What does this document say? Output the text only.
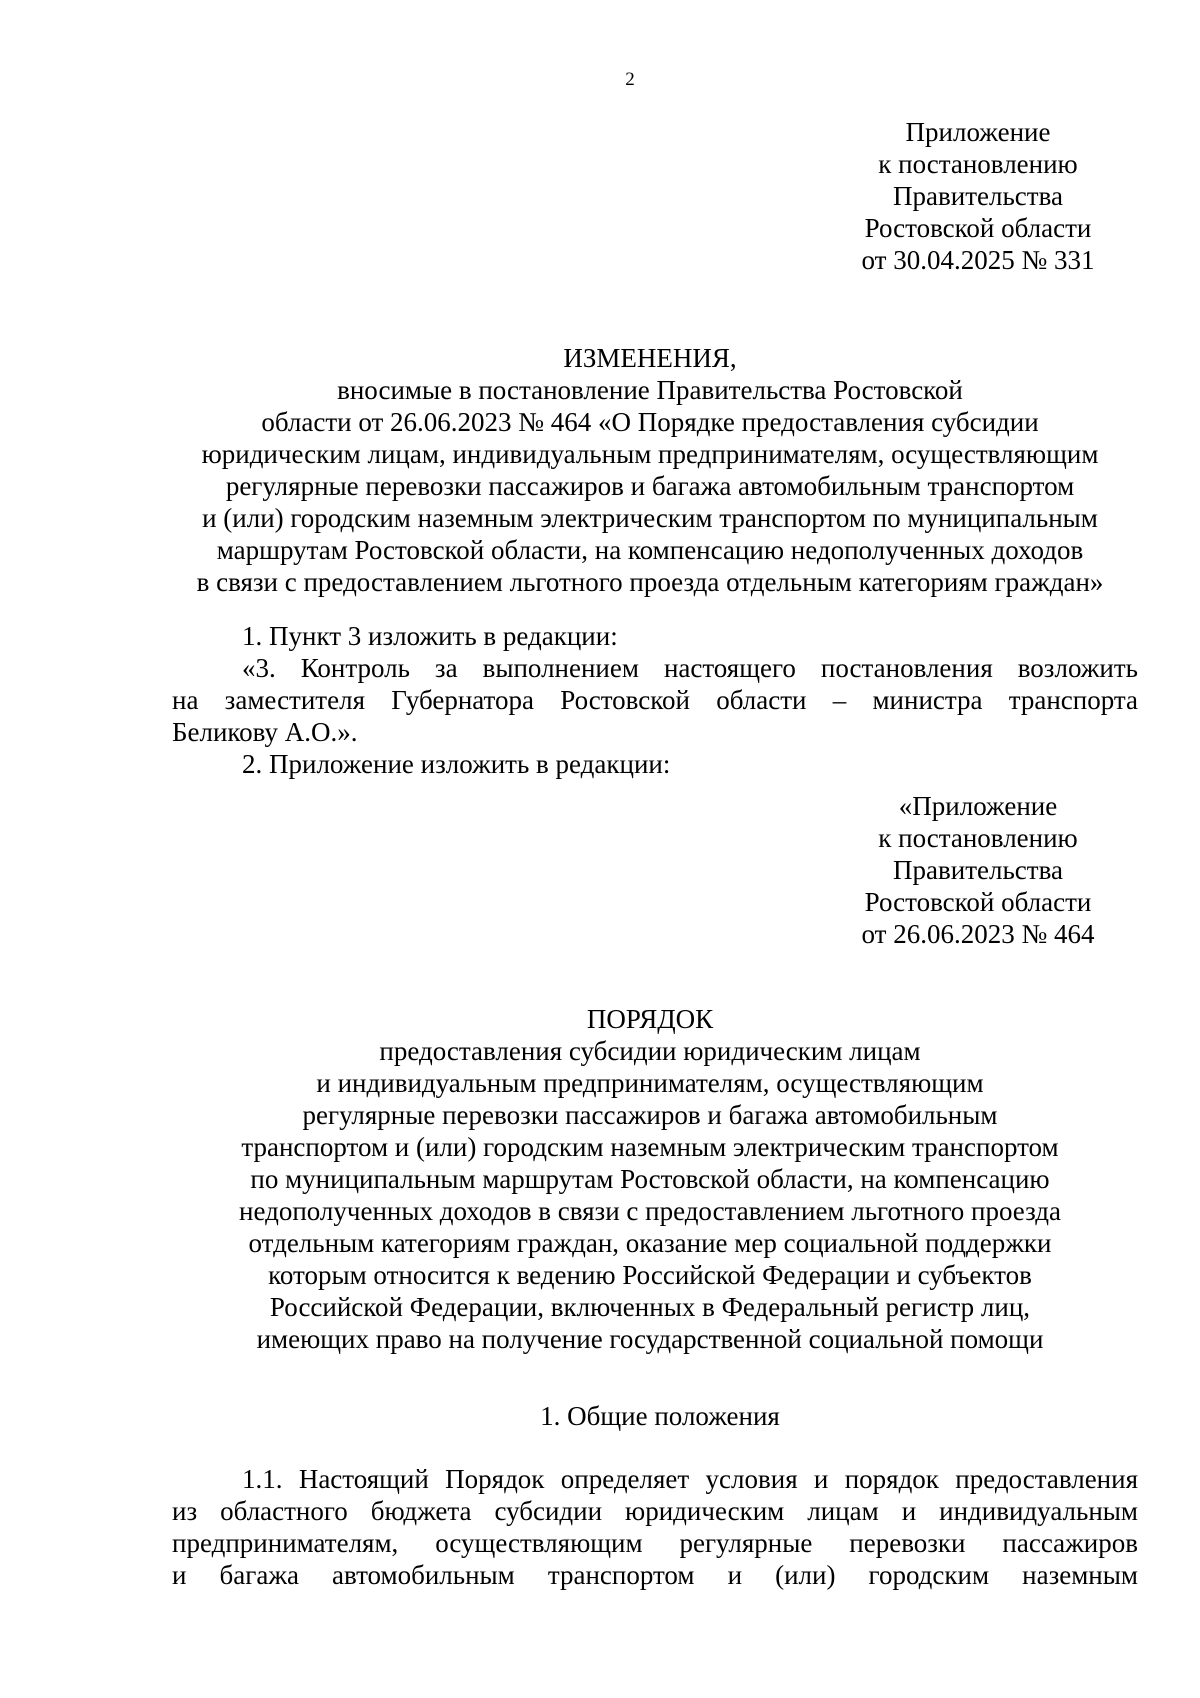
2
Приложение
к постановлению
Правительства
Ростовской области
от 30.04.2025 № 331
ИЗМЕНЕНИЯ,
вносимые в постановление Правительства Ростовской
области от 26.06.2023 № 464 «О Порядке предоставления субсидии
юридическим лицам, индивидуальным предпринимателям, осуществляющим
регулярные перевозки пассажиров и багажа автомобильным транспортом
и (или) городским наземным электрическим транспортом по муниципальным
маршрутам Ростовской области, на компенсацию недополученных доходов
в связи с предоставлением льготного проезда отдельным категориям граждан»
1. Пункт 3 изложить в редакции:
«3. Контроль за выполнением настоящего постановления возложить
на заместителя Губернатора Ростовской области – министра транспорта
Беликову А.О.».
2. Приложение изложить в редакции:
«Приложение
к постановлению
Правительства
Ростовской области
от 26.06.2023 № 464
ПОРЯДОК
предоставления субсидии юридическим лицам
и индивидуальным предпринимателям, осуществляющим
регулярные перевозки пассажиров и багажа автомобильным
транспортом и (или) городским наземным электрическим транспортом
по муниципальным маршрутам Ростовской области, на компенсацию
недополученных доходов в связи с предоставлением льготного проезда
отдельным категориям граждан, оказание мер социальной поддержки
которым относится к ведению Российской Федерации и субъектов
Российской Федерации, включенных в Федеральный регистр лиц,
имеющих право на получение государственной социальной помощи
1. Общие положения
1.1. Настоящий Порядок определяет условия и порядок предоставления
из областного бюджета субсидии юридическим лицам и индивидуальным
предпринимателям, осуществляющим регулярные перевозки пассажиров
и багажа автомобильным транспортом и (или) городским наземным
